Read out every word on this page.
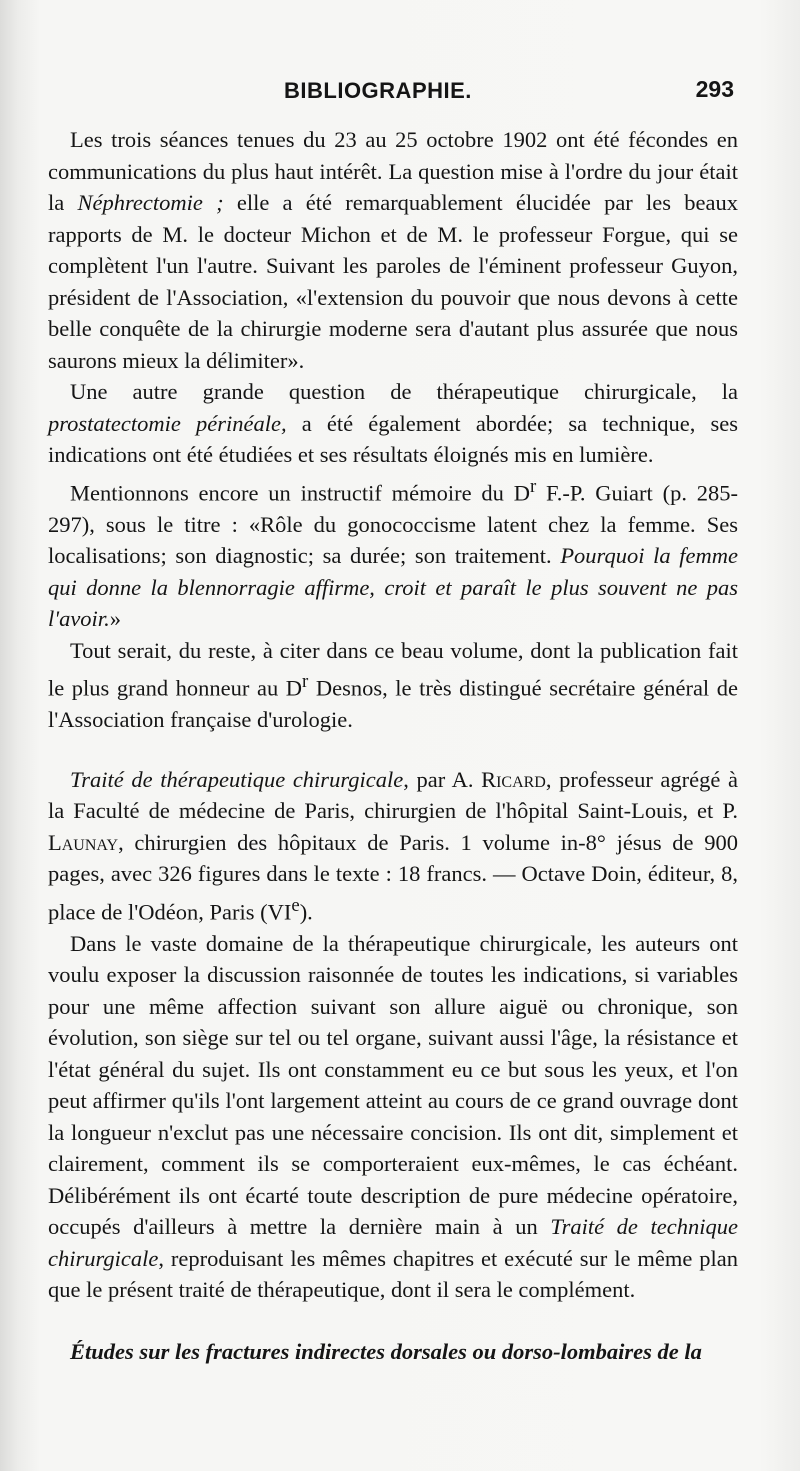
BIBLIOGRAPHIE.	293

Les trois séances tenues du 23 au 25 octobre 1902 ont été fécondes en communications du plus haut intérêt. La question mise à l'ordre du jour était la Néphrectomie ; elle a été remarquablement élucidée par les beaux rapports de M. le docteur Michon et de M. le professeur Forgue, qui se complètent l'un l'autre. Suivant les paroles de l'éminent professeur Guyon, président de l'Association, «l'extension du pouvoir que nous devons à cette belle conquête de la chirurgie moderne sera d'autant plus assurée que nous saurons mieux la délimiter».

Une autre grande question de thérapeutique chirurgicale, la prostatectomie périnéale, a été également abordée; sa technique, ses indications ont été étudiées et ses résultats éloignés mis en lumière.

Mentionnons encore un instructif mémoire du $D^r$ F.-P. Guiart (p. 285-297), sous le titre : «Rôle du gonococcisme latent chez la femme. Ses localisations; son diagnostic; sa durée; son traitement. Pourquoi la femme qui donne la blennorragie affirme, croit et paraît le plus souvent ne pas l'avoir.»

Tout serait, du reste, à citer dans ce beau volume, dont la publication fait le plus grand honneur au $D^r$ Desnos, le très distingué secrétaire général de l'Association française d'urologie.

Traité de thérapeutique chirurgicale, par A. Ricard, professeur agrégé à la Faculté de médecine de Paris, chirurgien de l'hôpital Saint-Louis, et P. Launay, chirurgien des hôpitaux de Paris. 1 volume in-8° jésus de 900 pages, avec 326 figures dans le texte : 18 francs. — Octave Doin, éditeur, 8, place de l'Odéon, Paris (VIe).

Dans le vaste domaine de la thérapeutique chirurgicale, les auteurs ont voulu exposer la discussion raisonnée de toutes les indications, si variables pour une même affection suivant son allure aiguë ou chronique, son évolution, son siège sur tel ou tel organe, suivant aussi l'âge, la résistance et l'état général du sujet. Ils ont constamment eu ce but sous les yeux, et l'on peut affirmer qu'ils l'ont largement atteint au cours de ce grand ouvrage dont la longueur n'exclut pas une nécessaire concision. Ils ont dit, simplement et clairement, comment ils se comporteraient eux-mêmes, le cas échéant. Délibérément ils ont écarté toute description de pure médecine opératoire, occupés d'ailleurs à mettre la dernière main à un Traité de technique chirurgicale, reproduisant les mêmes chapitres et exécuté sur le même plan que le présent traité de thérapeutique, dont il sera le complément.

Études sur les fractures indirectes dorsales ou dorso-lombaires de la
